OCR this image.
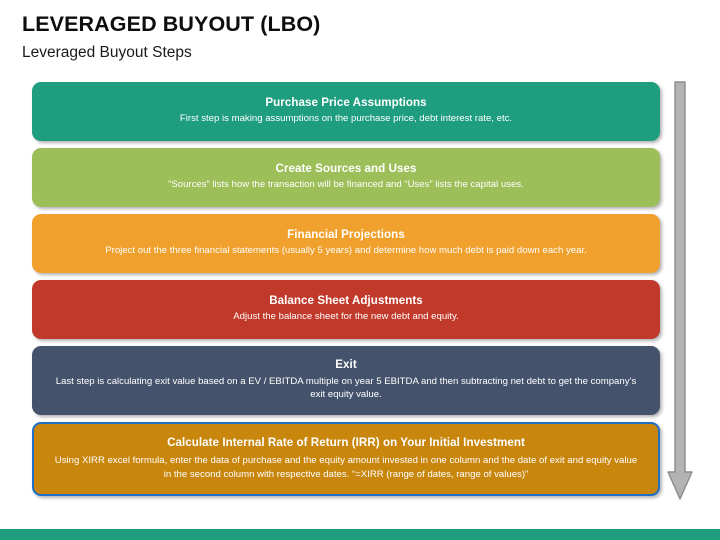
LEVERAGED BUYOUT (LBO)
Leveraged Buyout Steps

Purchase Price Assumptions

First step is making assumptions on the purchase price, debt interest rate, etc.

Create Sources and Uses

“Sources” lists how the transaction will be financed and “Uses” lists the capital uses.

Financial Projections

Project out the three financial statements (usually 5 years) and determine how much debt is paid down each year.

Balance Sheet Adjustments

Adjust the balance sheet for the new debt and equity.

Exit

Last step is calculating exit value based on a EV / EBITDA multiple on year 5 EBITDA and then subtracting net debt to get the company’s exit equity value.

Calculate Internal Rate of Return (IRR) on Your Initial Investment

Using XIRR excel formula, enter the data of purchase and the equity amount invested in one column and the date of exit and equity value in the second column with respective dates. “=XIRR (range of dates, range of values)”
